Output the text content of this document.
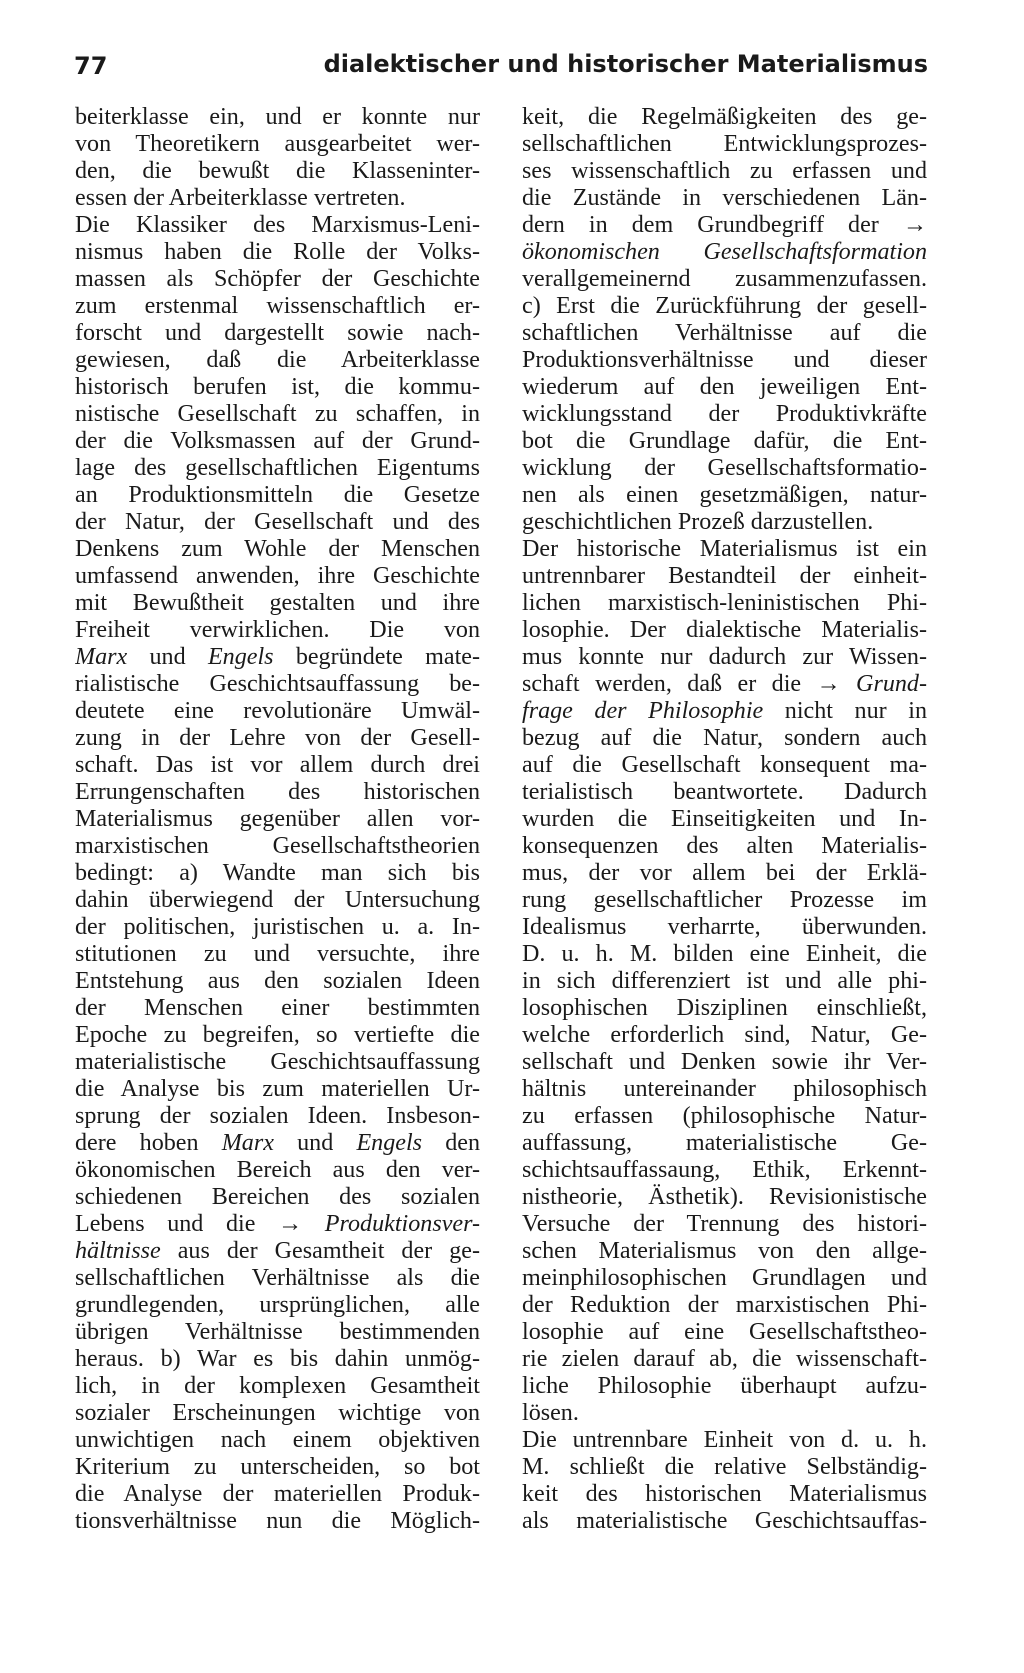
77	dialektischer und historischer Materialismus
beiterklasse ein, und er konnte nur
von Theoretikern ausgearbeitet wer-
den, die bewußt die Klasseninter-
essen der Arbeiterklasse vertreten.
Die Klassiker des Marxismus-Leni-
nismus haben die Rolle der Volks-
massen als Schöpfer der Geschichte
zum erstenmal wissenschaftlich er-
forscht und dargestellt sowie nach-
gewiesen, daß die Arbeiterklasse
historisch berufen ist, die kommu-
nistische Gesellschaft zu schaffen, in
der die Volksmassen auf der Grund-
lage des gesellschaftlichen Eigentums
an Produktionsmitteln die Gesetze
der Natur, der Gesellschaft und des
Denkens zum Wohle der Menschen
umfassend anwenden, ihre Geschichte
mit Bewußtheit gestalten und ihre
Freiheit verwirklichen. Die von
Marx und Engels begründete mate-
rialistische Geschichtsauffassung be-
deutete eine revolutionäre Umwäl-
zung in der Lehre von der Gesell-
schaft. Das ist vor allem durch drei
Errungenschaften des historischen
Materialismus gegenüber allen vor-
marxistischen Gesellschaftstheorien
bedingt: a) Wandte man sich bis
dahin überwiegend der Untersuchung
der politischen, juristischen u. a. In-
stitutionen zu und versuchte, ihre
Entstehung aus den sozialen Ideen
der Menschen einer bestimmten
Epoche zu begreifen, so vertiefte die
materialistische Geschichtsauffassung
die Analyse bis zum materiellen Ur-
sprung der sozialen Ideen. Insbeson-
dere hoben Marx und Engels den
ökonomischen Bereich aus den ver-
schiedenen Bereichen des sozialen
Lebens und die → Produktionsver-
hältnisse aus der Gesamtheit der ge-
sellschaftlichen Verhältnisse als die
grundlegenden, ursprünglichen, alle
übrigen Verhältnisse bestimmenden
heraus. b) War es bis dahin unmög-
lich, in der komplexen Gesamtheit
sozialer Erscheinungen wichtige von
unwichtigen nach einem objektiven
Kriterium zu unterscheiden, so bot
die Analyse der materiellen Produk-
tionsverhältnisse nun die Möglich-
keit, die Regelmäßigkeiten des ge-
sellschaftlichen Entwicklungsprozes-
ses wissenschaftlich zu erfassen und
die Zustände in verschiedenen Län-
dern in dem Grundbegriff der →
ökonomischen Gesellschaftsformation
verallgemeinernd zusammenzufassen.
c) Erst die Zurückführung der gesell-
schaftlichen Verhältnisse auf die
Produktionsverhältnisse und dieser
wiederum auf den jeweiligen Ent-
wicklungsstand der Produktivkräfte
bot die Grundlage dafür, die Ent-
wicklung der Gesellschaftsformatio-
nen als einen gesetzmäßigen, natur-
geschichtlichen Prozeß darzustellen.
Der historische Materialismus ist ein
untrennbarer Bestandteil der einheit-
lichen marxistisch-leninistischen Phi-
losophie. Der dialektische Materialis-
mus konnte nur dadurch zur Wissen-
schaft werden, daß er die → Grund-
frage der Philosophie nicht nur in
bezug auf die Natur, sondern auch
auf die Gesellschaft konsequent ma-
terialistisch beantwortete. Dadurch
wurden die Einseitigkeiten und In-
konsequenzen des alten Materialis-
mus, der vor allem bei der Erklä-
rung gesellschaftlicher Prozesse im
Idealismus verharrte, überwunden.
D. u. h. M. bilden eine Einheit, die
in sich differenziert ist und alle phi-
losophischen Disziplinen einschließt,
welche erforderlich sind, Natur, Ge-
sellschaft und Denken sowie ihr Ver-
hältnis untereinander philosophisch
zu erfassen (philosophische Natur-
auffassung, materialistische Ge-
schichtsauffassaung, Ethik, Erkennt-
nistheorie, Ästhetik). Revisionistische
Versuche der Trennung des histori-
schen Materialismus von den allge-
meinphilosophischen Grundlagen und
der Reduktion der marxistischen Phi-
losophie auf eine Gesellschaftstheo-
rie zielen darauf ab, die wissenschaft-
liche Philosophie überhaupt aufzu-
lösen.
Die untrennbare Einheit von d. u. h.
M. schließt die relative Selbständig-
keit des historischen Materialismus
als materialistische Geschichtsauffas-
